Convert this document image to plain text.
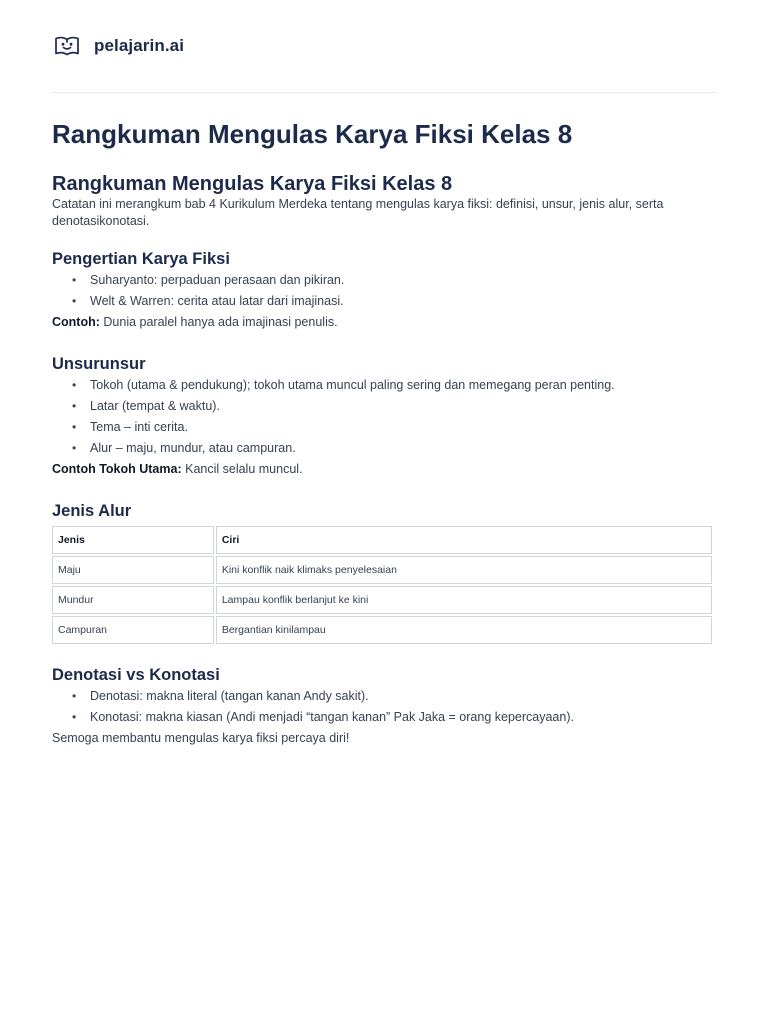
pelajarin.ai
Rangkuman Mengulas Karya Fiksi Kelas 8
Rangkuman Mengulas Karya Fiksi Kelas 8

Catatan ini merangkum bab 4 Kurikulum Merdeka tentang mengulas karya fiksi: definisi, unsur, jenis alur, serta denotasikonotasi.

Pengertian Karya Fiksi
• Suharyanto: perpaduan perasaan dan pikiran.
• Welt & Warren: cerita atau latar dari imajinasi.

Contoh: Dunia paralel hanya ada imajinasi penulis.

Unsurunsur
• Tokoh (utama & pendukung); tokoh utama muncul paling sering dan memegang peran penting.
• Latar (tempat & waktu).
• Tema – inti cerita.
• Alur – maju, mundur, atau campuran.

Contoh Tokoh Utama: Kancil selalu muncul.

Jenis Alur
Jenis	Ciri
Maju	Kini konflik naik klimaks penyelesaian
Mundur	Lampau konflik berlanjut ke kini
Campuran	Bergantian kinilampau
Denotasi vs Konotasi
• Denotasi: makna literal (tangan kanan Andy sakit).
• Konotasi: makna kiasan (Andi menjadi “tangan kanan” Pak Jaka = orang kepercayaan).

Semoga membantu mengulas karya fiksi percaya diri!
